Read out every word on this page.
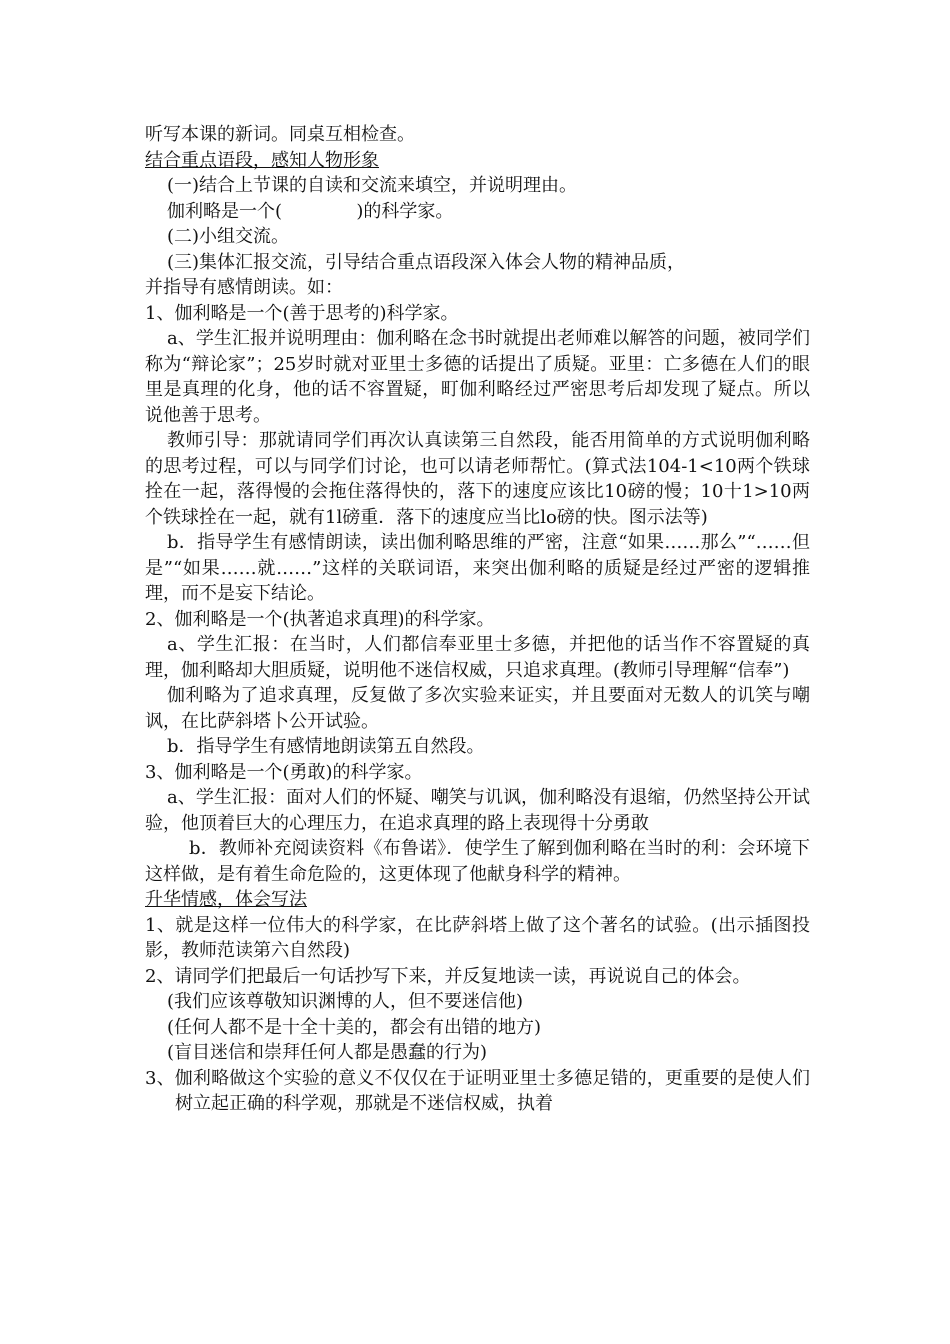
听写本课的新词。同桌互相检查。

结合重点语段，感知人物形象

(一)结合上节课的自读和交流来填空，并说明理由。

伽利略是一个(             )的科学家。

(二)小组交流。

(三)集体汇报交流，引导结合重点语段深入体会人物的精神品质，

并指导有感情朗读。如：

1、伽利略是一个(善于思考的)科学家。

a、学生汇报并说明理由：伽利略在念书时就提出老师难以解答的问题，被同学们称为“辩论家”；25岁时就对亚里士多德的话提出了质疑。亚里：亡多德在人们的眼里是真理的化身，他的话不容置疑，町伽利略经过严密思考后却发现了疑点。所以说他善于思考。

教师引导：那就请同学们再次认真读第三自然段，能否用简单的方式说明伽利略的思考过程，可以与同学们讨论，也可以请老师帮忙。(算式法104-1<10两个铁球拴在一起，落得慢的会拖住落得快的，落下的速度应该比10磅的慢；10十1>10两个铁球拴在一起，就有1l磅重．落下的速度应当比lo磅的快。图示法等)

b．指导学生有感情朗读，读出伽利略思维的严密，注意“如果……那么”“……但是”“如果……就……”这样的关联词语，来突出伽利略的质疑是经过严密的逻辑推理，而不是妄下结论。

2、伽利略是一个(执著追求真理)的科学家。

a、学生汇报：在当时，人们都信奉亚里士多德，并把他的话当作不容置疑的真理，伽利略却大胆质疑，说明他不迷信权威，只追求真理。(教师引导理解“信奉”)

伽利略为了追求真理，反复做了多次实验来证实，并且要面对无数人的讥笑与嘲讽，在比萨斜塔卜公开试验。

b．指导学生有感情地朗读第五自然段。

3、伽利略是一个(勇敢)的科学家。

a、学生汇报：面对人们的怀疑、嘲笑与讥讽，伽利略没有退缩，仍然坚持公开试验，他顶着巨大的心理压力，在追求真理的路上表现得十分勇敢

b．教师补充阅读资料《布鲁诺》．使学生了解到伽利略在当时的利：会环境下这样做，是有着生命危险的，这更体现了他献身科学的精神。

升华情感，体会写法

1、就是这样一位伟大的科学家，在比萨斜塔上做了这个著名的试验。(出示插图投影，教师范读第六自然段)

2、请同学们把最后一句话抄写下来，并反复地读一读，再说说自己的体会。

(我们应该尊敬知识渊博的人，但不要迷信他)

(任何人都不是十全十美的，都会有出错的地方)

(盲目迷信和崇拜任何人都是愚蠢的行为)

3、伽利略做这个实验的意义不仅仅在于证明亚里士多德足错的，更重要的是使人们树立起正确的科学观，那就是不迷信权威，执着
